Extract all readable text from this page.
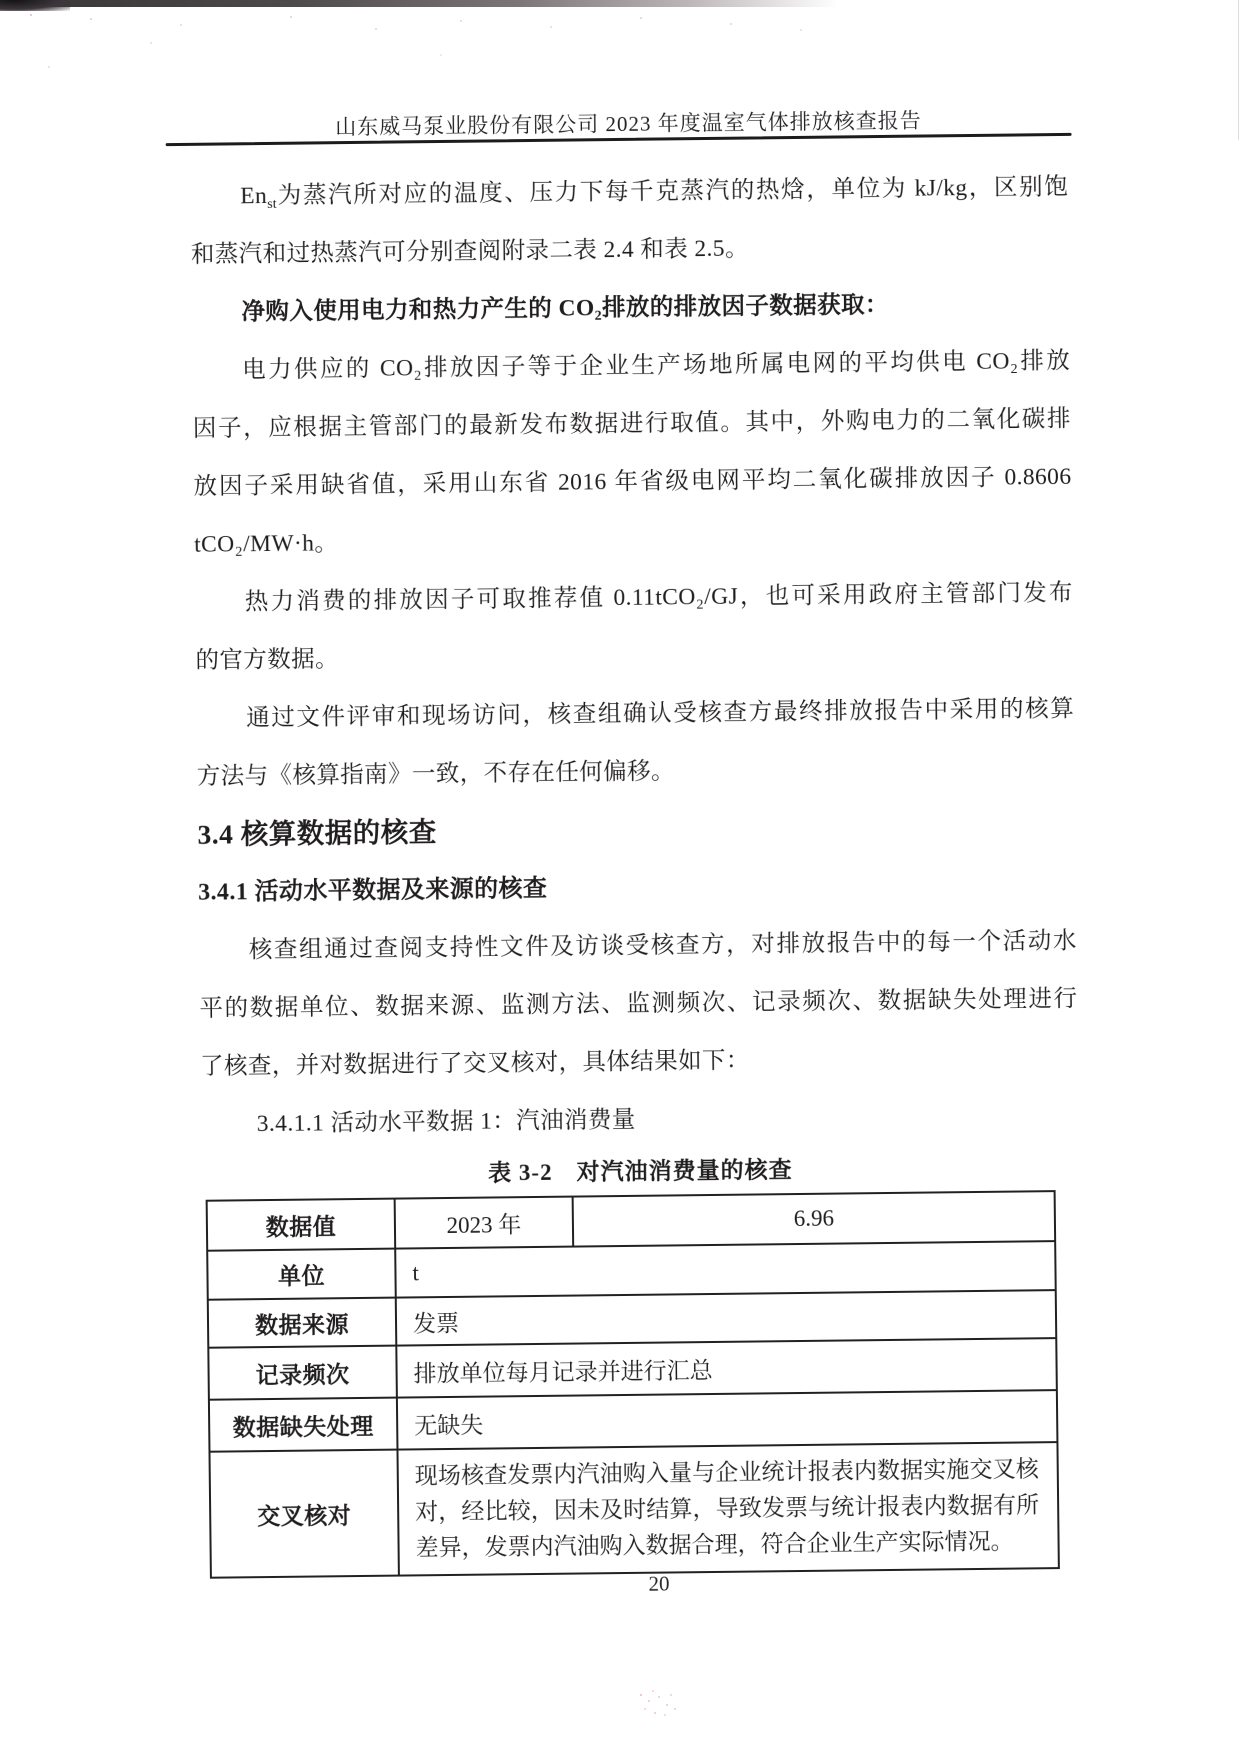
山东威马泵业股份有限公司 2023 年度温室气体排放核查报告
$En_{st}$为蒸汽所对应的温度、压力下每千克蒸汽的热焓，单位为 kJ/kg，区别饱
和蒸汽和过热蒸汽可分别查阅附录二表 2.4 和表 2.5。
净购入使用电力和热力产生的 CO₂排放的排放因子数据获取：
电力供应的 CO₂排放因子等于企业生产场地所属电网的平均供电 CO₂排放
因子，应根据主管部门的最新发布数据进行取值。其中，外购电力的二氧化碳排
放因子采用缺省值，采用山东省 2016 年省级电网平均二氧化碳排放因子 0.8606
tCO₂/MW·h。
热力消费的排放因子可取推荐值 0.11tCO₂/GJ，也可采用政府主管部门发布
的官方数据。
通过文件评审和现场访问，核查组确认受核查方最终排放报告中采用的核算
方法与《核算指南》一致，不存在任何偏移。
3.4 核算数据的核查
3.4.1 活动水平数据及来源的核查
核查组通过查阅支持性文件及访谈受核查方，对排放报告中的每一个活动水
平的数据单位、数据来源、监测方法、监测频次、记录频次、数据缺失处理进行
了核查，并对数据进行了交叉核对，具体结果如下：
3.4.1.1 活动水平数据 1：汽油消费量
表 3-2　对汽油消费量的核查
数据值	2023 年	6.96
单位	t	
数据来源	发票	
记录频次	排放单位每月记录并进行汇总	
数据缺失处理	无缺失	
交叉核对	现场核查发票内汽油购入量与企业统计报表内数据实施交叉核对，经比较，因未及时结算，导致发票与统计报表内数据有所差异，发票内汽油购入数据合理，符合企业生产实际情况。	
20
